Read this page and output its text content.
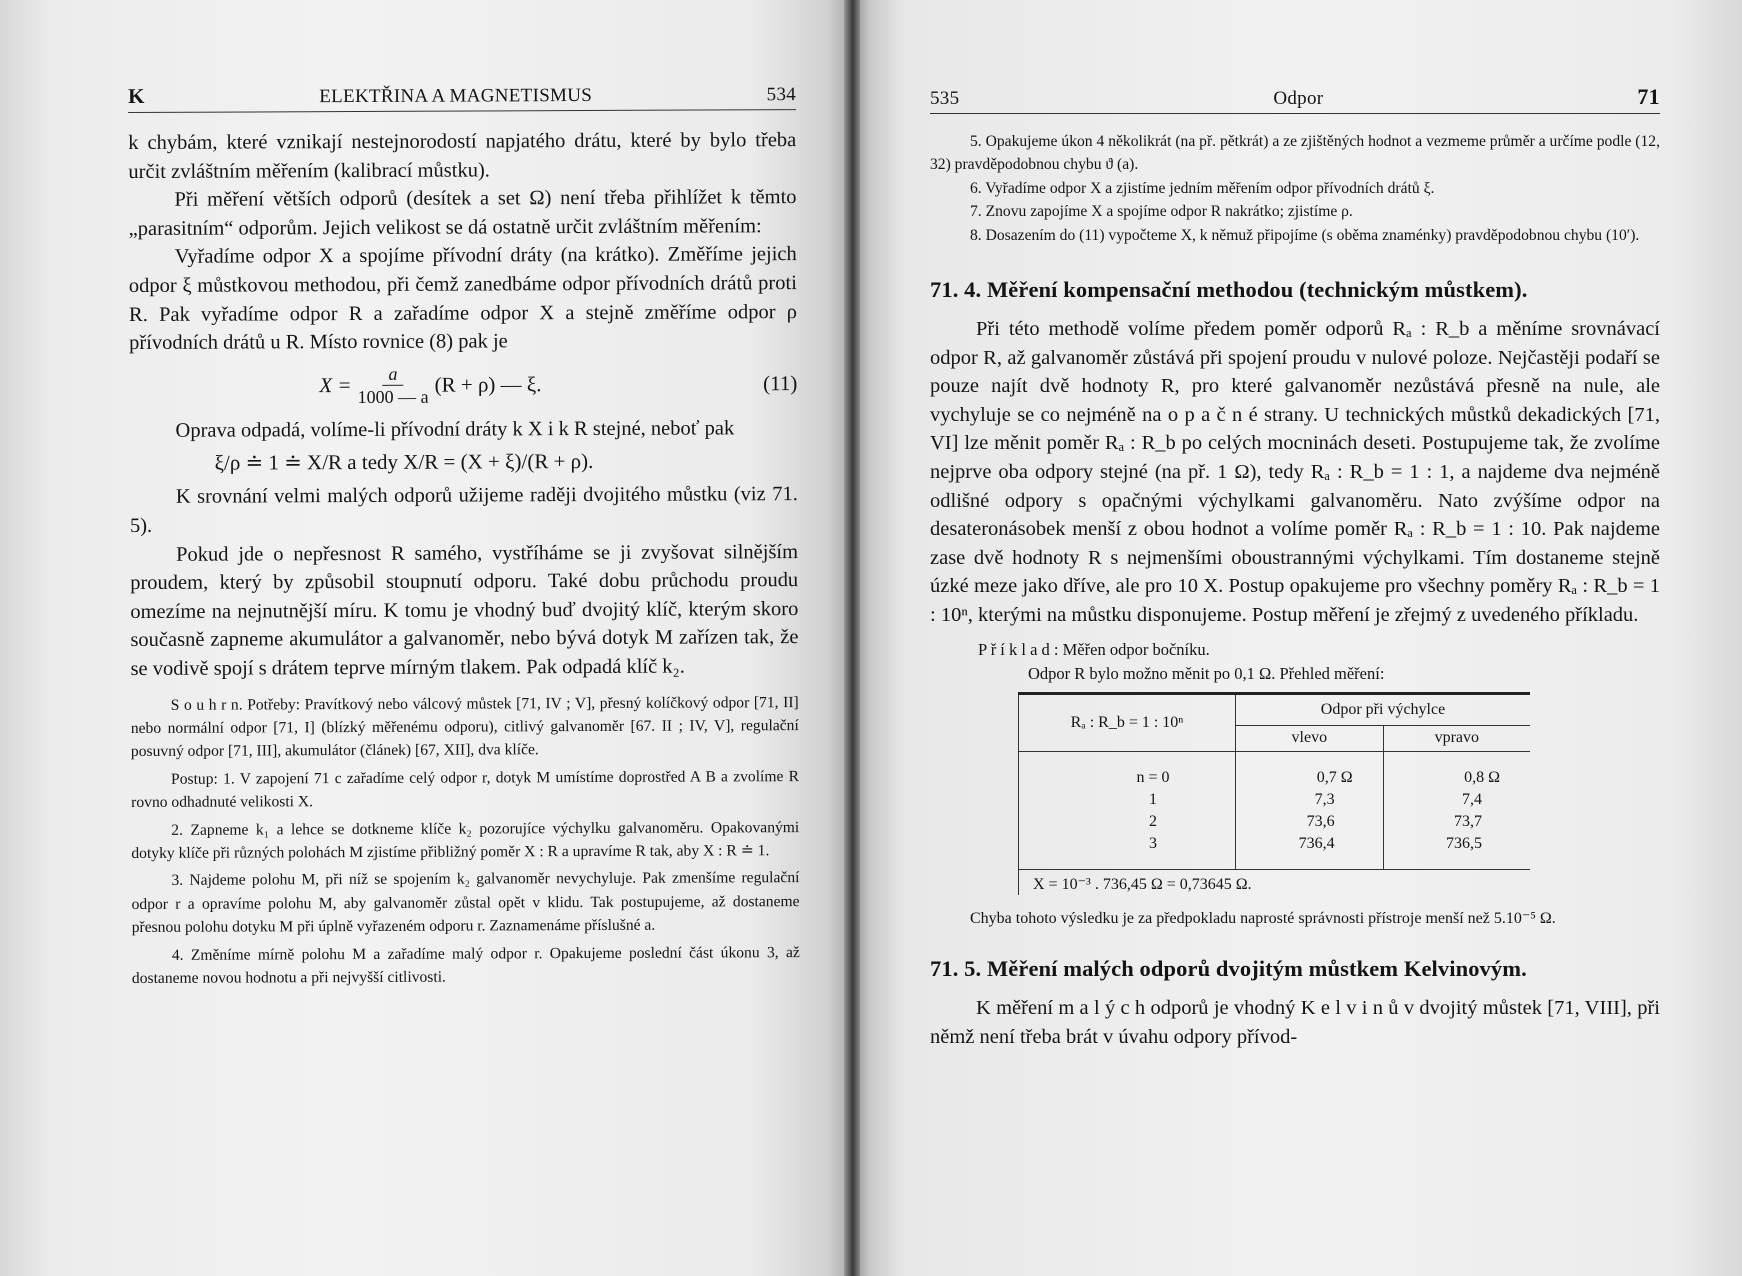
K	ELEKTŘINA A MAGNETISMUS	534

k chybám, které vznikají nestejnorodostí napjatého drátu, které by bylo třeba určit zvláštním měřením (kalibrací můstku).

Při měření větších odporů (desítek a set Ω) není třeba přihlížet k těmto „parasitním“ odporům. Jejich velikost se dá ostatně určit zvláštním měřením:

Vyřadíme odpor X a spojíme přívodní dráty (na krátko). Změříme jejich odpor ξ můstkovou methodou, při čemž zanedbáme odpor přívodních drátů proti R. Pak vyřadíme odpor R a zařadíme odpor X a stejně změříme odpor ρ přívodních drátů u R. Místo rovnice (8) pak je

$X = \frac{a}{1000 — a} (R + \rho)$ — ξ.	(11)

Oprava odpadá, volíme-li přívodní dráty k X i k R stejné, neboť pak

ξ/ρ ≐ 1 ≐ X/R a tedy X/R = (X + ξ)/(R + ρ).

K srovnání velmi malých odporů užijeme raději dvojitého můstku (viz 71. 5).

Pokud jde o nepřesnost R samého, vystříháme se ji zvyšovat silnějším proudem, který by způsobil stoupnutí odporu. Také dobu průchodu proudu omezíme na nejnutnější míru. K tomu je vhodný buď dvojitý klíč, kterým skoro současně zapneme akumulátor a galvanoměr, nebo bývá dotyk M zařízen tak, že se vodivě spojí s drátem teprve mírným tlakem. Pak odpadá klíč k₂.

S o u h r n. Potřeby: Pravítkový nebo válcový můstek [71, IV ; V], přesný kolíčkový odpor [71, II] nebo normální odpor [71, I] (blízký měřenému odporu), citlivý galvanoměr [67. II ; IV, V], regulační posuvný odpor [71, III], akumulátor (článek) [67, XII], dva klíče.

Postup: 1. V zapojení 71 c zařadíme celý odpor r, dotyk M umístíme doprostřed A B a zvolíme R rovno odhadnuté velikosti X.

2. Zapneme k₁ a lehce se dotkneme klíče k₂ pozorujíce výchylku galvanoměru. Opakovanými dotyky klíče při různých polohách M zjistíme přibližný poměr X : R a upravíme R tak, aby X : R ≐ 1.

3. Najdeme polohu M, při níž se spojením k₂ galvanoměr nevychyluje. Pak zmenšíme regulační odpor r a opravíme polohu M, aby galvanoměr zůstal opět v klidu. Tak postupujeme, až dostaneme přesnou polohu dotyku M při úplně vyřazeném odporu r. Zaznamenáme příslušné a.

4. Změníme mírně polohu M a zařadíme malý odpor r. Opakujeme poslední část úkonu 3, až dostaneme novou hodnotu a při nejvyšší citlivosti.

535	Odpor	71

5. Opakujeme úkon 4 několikrát (na př. pětkrát) a ze zjištěných hodnot a vezmeme průměr a určíme podle (12, 32) pravděpodobnou chybu ϑ (a).

6. Vyřadíme odpor X a zjistíme jedním měřením odpor přívodních drátů ξ.

7. Znovu zapojíme X a spojíme odpor R nakrátko; zjistíme ρ.

8. Dosazením do (11) vypočteme X, k němuž připojíme (s oběma znaménky) pravděpodobnou chybu (10′).

71. 4. Měření kompensační methodou (technickým můstkem).

Při této methodě volíme předem poměr odporů Rₐ : R_b a měníme srovnávací odpor R, až galvanoměr zůstává při spojení proudu v nulové poloze. Nejčastěji podaří se pouze najít dvě hodnoty R, pro které galvanoměr nezůstává přesně na nule, ale vychyluje se co nejméně na o p a č n é strany. U technických můstků dekadických [71, VI] lze měnit poměr Rₐ : R_b po celých mocninách deseti. Postupujeme tak, že zvolíme nejprve oba odpory stejné (na př. 1 Ω), tedy Rₐ : R_b = 1 : 1, a najdeme dva nejméně odlišné odpory s opačnými výchylkami galvanoměru. Nato zvýšíme odpor na desateronásobek menší z obou hodnot a volíme poměr Rₐ : R_b = 1 : 10. Pak najdeme zase dvě hodnoty R s nejmenšími oboustrannými výchylkami. Tím dostaneme stejně úzké meze jako dříve, ale pro 10 X. Postup opakujeme pro všechny poměry Rₐ : R_b = 1 : 10ⁿ, kterými na můstku disponujeme. Postup měření je zřejmý z uvedeného příkladu.

P ř í k l a d : Měřen odpor bočníku.
Odpor R bylo možno měnit po 0,1 Ω. Přehled měření:
Rₐ : R_b = 1 : 10ⁿ	Odpor při výchylce	
	vlevo	vpravo

n = 0	0,7 Ω	0,8 Ω
1	7,3	7,4
2	73,6	73,7
3	736,4	736,5

X = 10⁻³ . 736,45 Ω = 0,73645 Ω.

Chyba tohoto výsledku je za předpokladu naprosté správnosti přístroje menší než 5.10⁻⁵ Ω.

71. 5. Měření malých odporů dvojitým můstkem Kelvinovým.

K měření m a l ý c h odporů je vhodný K e l v i n ů v dvojitý můstek [71, VIII], při němž není třeba brát v úvahu odpory přívod-
